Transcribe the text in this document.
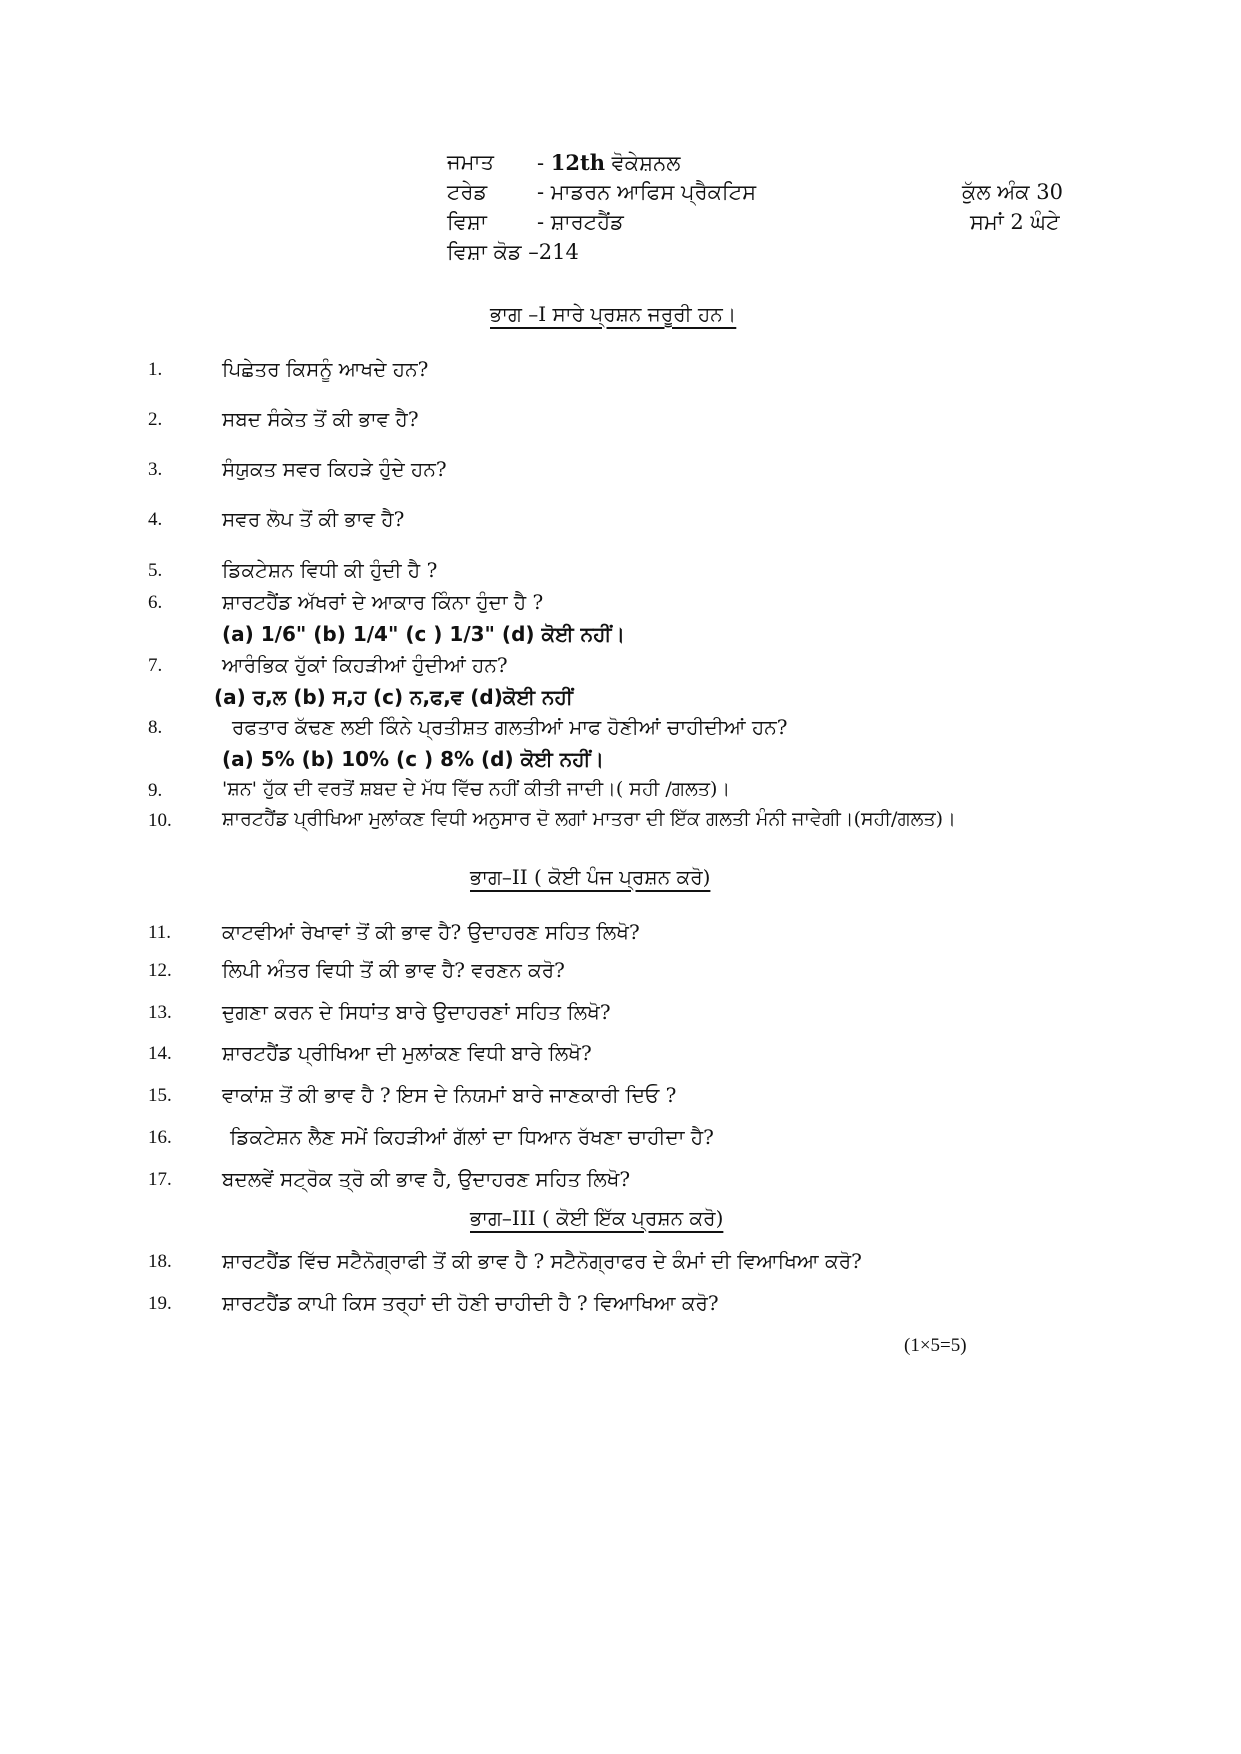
ਜਮਾਤ - 12th ਵੋਕੇਸ਼ਨਲ
ਟਰੇਡ - ਮਾਡਰਨ ਆਫਿਸ ਪ੍ਰੈਕਟਿਸ	ਕੁੱਲ ਅੰਕ 30
ਵਿਸ਼ਾ - ਸ਼ਾਰਟਹੈਂਡ	ਸਮਾਂ 2 ਘੰਟੇ
ਵਿਸ਼ਾ ਕੋਡ –214
ਭਾਗ –I ਸਾਰੇ ਪ੍ਰਸ਼ਨ ਜਰੂਰੀ ਹਨ।
1.	ਪਿਛੇਤਰ ਕਿਸਨੂੰ ਆਖਦੇ ਹਨ?
2.	ਸਬਦ ਸੰਕੇਤ ਤੋਂ ਕੀ ਭਾਵ ਹੈ?
3.	ਸੰਯੁਕਤ ਸਵਰ ਕਿਹੜੇ ਹੁੰਦੇ ਹਨ?
4.	ਸਵਰ ਲੋਪ ਤੋਂ ਕੀ ਭਾਵ ਹੈ?
5.	ਡਿਕਟੇਸ਼ਨ ਵਿਧੀ ਕੀ ਹੁੰਦੀ ਹੈ ?
6.	ਸ਼ਾਰਟਹੈਂਡ ਅੱਖਰਾਂ ਦੇ ਆਕਾਰ ਕਿੰਨਾ ਹੁੰਦਾ ਹੈ ?
(a) 1/6" (b) 1/4" (c ) 1/3" (d) ਕੋਈ ਨਹੀਂ।
7.	ਆਰੰਭਿਕ ਹੁੱਕਾਂ ਕਿਹੜੀਆਂ ਹੁੰਦੀਆਂ ਹਨ?
(a) ਰ,ਲ (b) ਸ,ਹ (c) ਨ,ਫ,ਵ (d)ਕੋਈ ਨਹੀਂ
8.	ਰਫਤਾਰ ਕੱਢਣ ਲਈ ਕਿੰਨੇ ਪ੍ਰਤੀਸ਼ਤ ਗਲਤੀਆਂ ਮਾਫ ਹੋਣੀਆਂ ਚਾਹੀਦੀਆਂ ਹਨ?
(a) 5% (b) 10% (c ) 8% (d) ਕੋਈ ਨਹੀਂ।
9.	'ਸ਼ਨ' ਹੁੱਕ ਦੀ ਵਰਤੋਂ ਸ਼ਬਦ ਦੇ ਮੱਧ ਵਿੱਚ ਨਹੀਂ ਕੀਤੀ ਜਾਦੀ।( ਸਹੀ /ਗਲਤ)।
10.	ਸ਼ਾਰਟਹੈਂਡ ਪ੍ਰੀਖਿਆ ਮੁਲਾਂਕਣ ਵਿਧੀ ਅਨੁਸਾਰ ਦੋ ਲਗਾਂ ਮਾਤਰਾ ਦੀ ਇੱਕ ਗਲਤੀ ਮੰਨੀ ਜਾਵੇਗੀ।(ਸਹੀ/ਗਲਤ)।
ਭਾਗ–II ( ਕੋਈ ਪੰਜ ਪ੍ਰਸ਼ਨ ਕਰੋ)
11.	ਕਾਟਵੀਆਂ ਰੇਖਾਵਾਂ ਤੋਂ ਕੀ ਭਾਵ ਹੈ? ਉਦਾਹਰਣ ਸਹਿਤ ਲਿਖੋ?
12.	ਲਿਪੀ ਅੰਤਰ ਵਿਧੀ ਤੋਂ ਕੀ ਭਾਵ ਹੈ? ਵਰਣਨ ਕਰੋ?
13.	ਦੁਗਣਾ ਕਰਨ ਦੇ ਸਿਧਾਂਤ ਬਾਰੇ ਉਦਾਹਰਣਾਂ ਸਹਿਤ ਲਿਖੋ?
14.	ਸ਼ਾਰਟਹੈਂਡ ਪ੍ਰੀਖਿਆ ਦੀ ਮੁਲਾਂਕਣ ਵਿਧੀ ਬਾਰੇ ਲਿਖੋ?
15.	ਵਾਕਾਂਸ਼ ਤੋਂ ਕੀ ਭਾਵ ਹੈ ? ਇਸ ਦੇ ਨਿਯਮਾਂ ਬਾਰੇ ਜਾਣਕਾਰੀ ਦਿਓ ?
16.	ਡਿਕਟੇਸ਼ਨ ਲੈਣ ਸਮੇਂ ਕਿਹੜੀਆਂ ਗੱਲਾਂ ਦਾ ਧਿਆਨ ਰੱਖਣਾ ਚਾਹੀਦਾ ਹੈ?
17.	ਬਦਲਵੇਂ ਸਟ੍ਰੋਕ ਤ੍ਰੋ ਕੀ ਭਾਵ ਹੈ, ਉਦਾਹਰਣ ਸਹਿਤ ਲਿਖੋ?
ਭਾਗ–III ( ਕੋਈ ਇੱਕ ਪ੍ਰਸ਼ਨ ਕਰੋ)
18.	ਸ਼ਾਰਟਹੈਂਡ ਵਿੱਚ ਸਟੈਨੋਗ੍ਰਾਫੀ ਤੋਂ ਕੀ ਭਾਵ ਹੈ ? ਸਟੈਨੋਗ੍ਰਾਫਰ ਦੇ ਕੰਮਾਂ ਦੀ ਵਿਆਖਿਆ ਕਰੋ?
19.	ਸ਼ਾਰਟਹੈਂਡ ਕਾਪੀ ਕਿਸ ਤਰ੍ਹਾਂ ਦੀ ਹੋਣੀ ਚਾਹੀਦੀ ਹੈ ? ਵਿਆਖਿਆ ਕਰੋ?
(1×5=5)
